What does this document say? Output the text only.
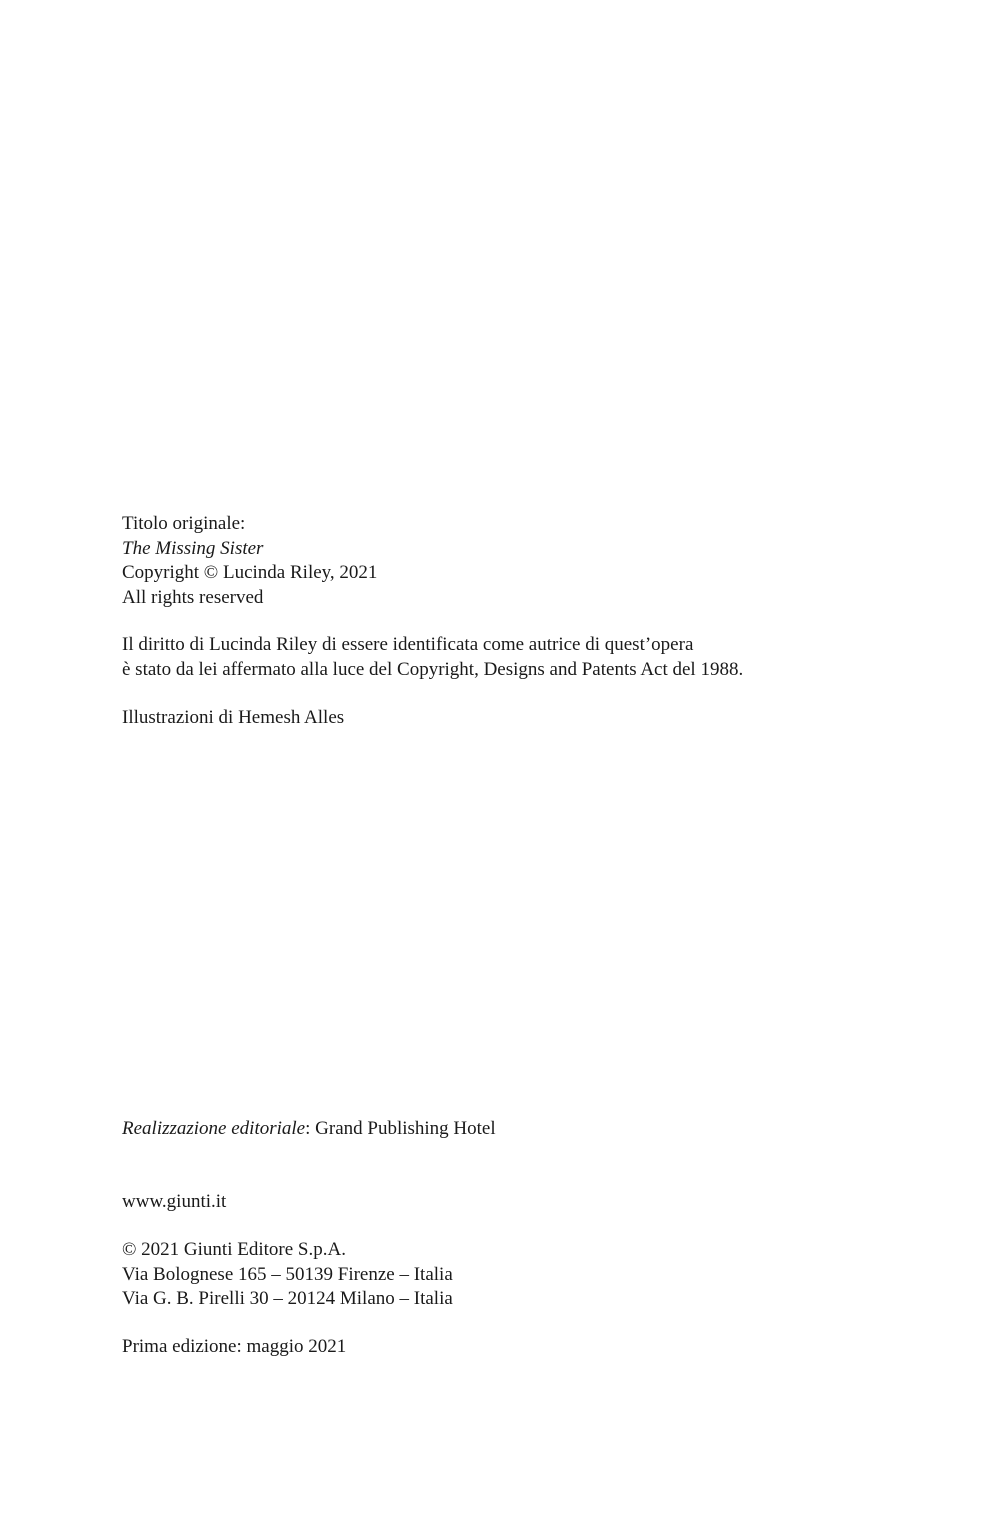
Titolo originale:
The Missing Sister
Copyright © Lucinda Riley, 2021
All rights reserved
Il diritto di Lucinda Riley di essere identificata come autrice di quest’opera
è stato da lei affermato alla luce del Copyright, Designs and Patents Act del 1988.
Illustrazioni di Hemesh Alles
Realizzazione editoriale: Grand Publishing Hotel
www.giunti.it
© 2021 Giunti Editore S.p.A.
Via Bolognese 165 – 50139 Firenze – Italia
Via G. B. Pirelli 30 – 20124 Milano – Italia
Prima edizione: maggio 2021
